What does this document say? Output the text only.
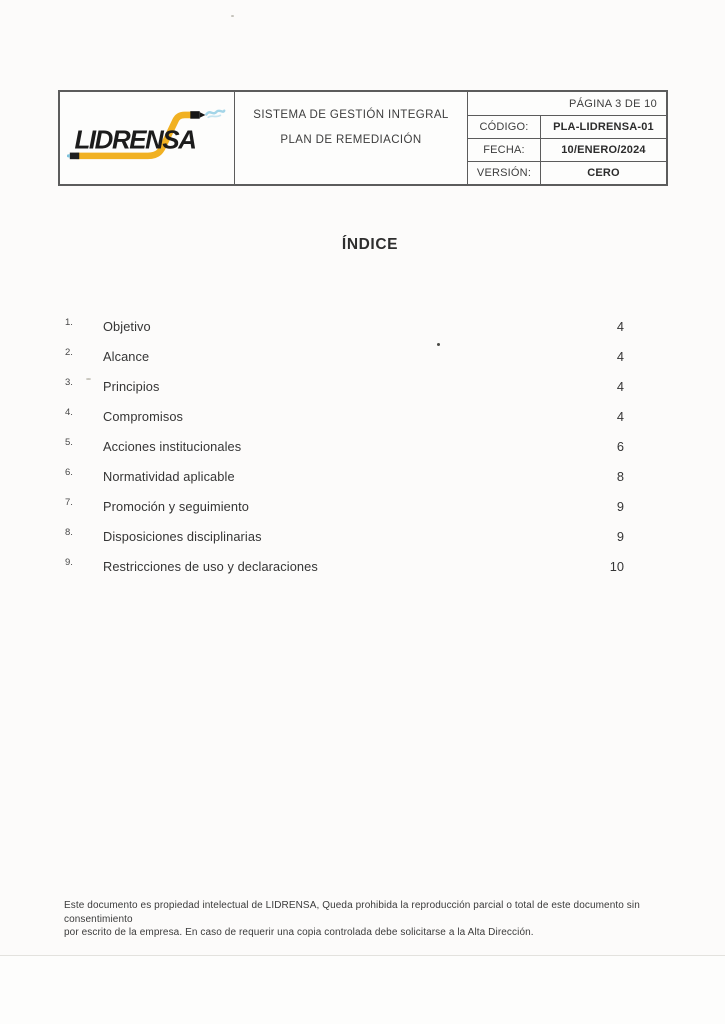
LIDRENSA
SISTEMA DE GESTIÓN INTEGRAL
PLAN DE REMEDIACIÓN
PÁGINA 3 DE 10
CÓDIGO:	PLA-LIDRENSA-01
FECHA:	10/ENERO/2024
VERSIÓN:	CERO
ÍNDICE
1.	Objetivo	4
2.	Alcance	4
3.	Principios	4
4.	Compromisos	4
5.	Acciones institucionales	6
6.	Normatividad aplicable	8
7.	Promoción y seguimiento	9
8.	Disposiciones disciplinarias	9
9.	Restricciones de uso y declaraciones	10
Este documento es propiedad intelectual de LIDRENSA, Queda prohibida la reproducción parcial o total de este documento sin consentimiento
por escrito de la empresa. En caso de requerir una copia controlada debe solicitarse a la Alta Dirección.
